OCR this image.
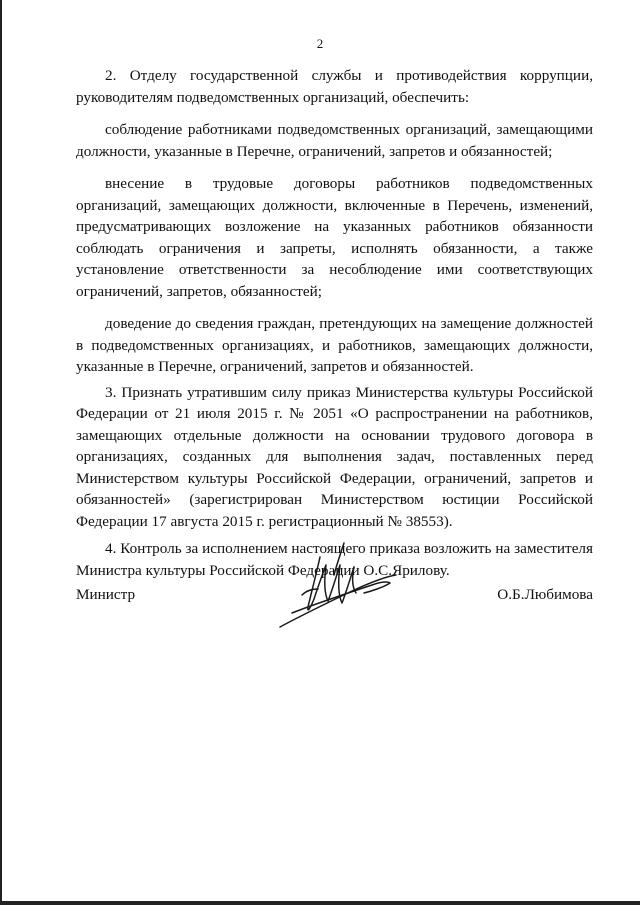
2

2. Отделу государственной службы и противодействия коррупции, руководителям подведомственных организаций, обеспечить:

соблюдение работниками подведомственных организаций, замещающими должности, указанные в Перечне, ограничений, запретов и обязанностей;

внесение в трудовые договоры работников подведомственных организаций, замещающих должности, включенные в Перечень, изменений, предусматривающих возложение на указанных работников обязанности соблюдать ограничения и запреты, исполнять обязанности, а также установление ответственности за несоблюдение ими соответствующих ограничений, запретов, обязанностей;

доведение до сведения граждан, претендующих на замещение должностей в подведомственных организациях, и работников, замещающих должности, указанные в Перечне, ограничений, запретов и обязанностей.

3. Признать утратившим силу приказ Министерства культуры Российской Федерации от 21 июля 2015 г. № 2051 «О распространении на работников, замещающих отдельные должности на основании трудового договора в организациях, созданных для выполнения задач, поставленных перед Министерством культуры Российской Федерации, ограничений, запретов и обязанностей» (зарегистрирован Министерством юстиции Российской Федерации 17 августа 2015 г. регистрационный № 38553).

4. Контроль за исполнением настоящего приказа возложить на заместителя Министра культуры Российской Федерации О.С.Ярилову.

Министр	О.Б.Любимова
